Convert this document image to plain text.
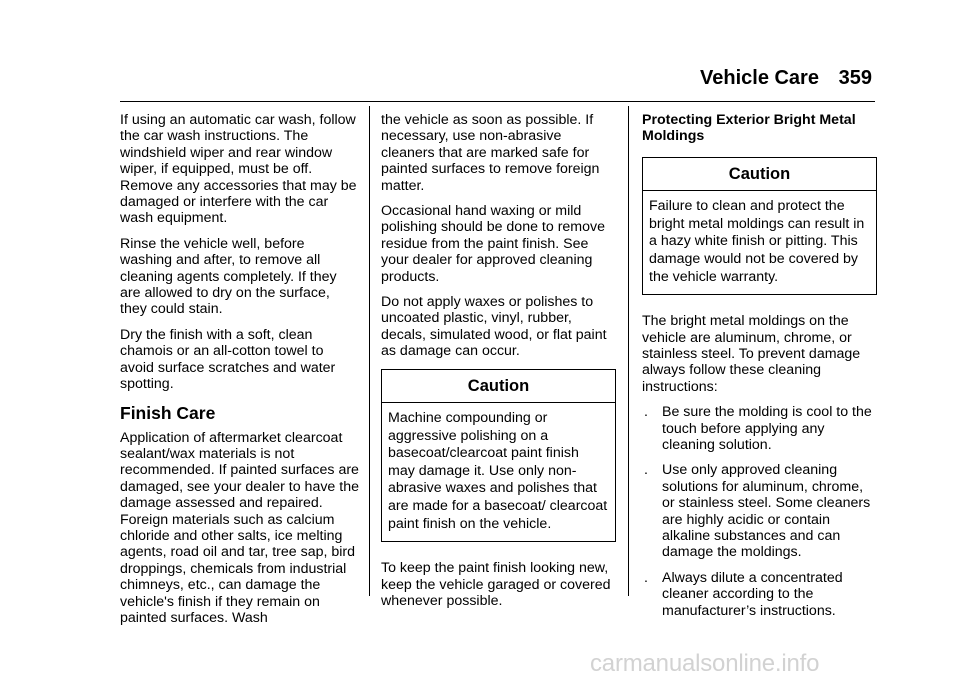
Vehicle Care 359

If using an automatic car wash, follow the car wash instructions. The windshield wiper and rear window wiper, if equipped, must be off. Remove any accessories that may be damaged or interfere with the car wash equipment.

Rinse the vehicle well, before washing and after, to remove all cleaning agents completely. If they are allowed to dry on the surface, they could stain.

Dry the finish with a soft, clean chamois or an all-cotton towel to avoid surface scratches and water spotting.

Finish Care

Application of aftermarket clearcoat sealant/wax materials is not recommended. If painted surfaces are damaged, see your dealer to have the damage assessed and repaired. Foreign materials such as calcium chloride and other salts, ice melting agents, road oil and tar, tree sap, bird droppings, chemicals from industrial chimneys, etc., can damage the vehicle's finish if they remain on painted surfaces. Wash

the vehicle as soon as possible. If necessary, use non-abrasive cleaners that are marked safe for painted surfaces to remove foreign matter.

Occasional hand waxing or mild polishing should be done to remove residue from the paint finish. See your dealer for approved cleaning products.

Do not apply waxes or polishes to uncoated plastic, vinyl, rubber, decals, simulated wood, or flat paint as damage can occur.

Caution
Machine compounding or aggressive polishing on a basecoat/clearcoat paint finish may damage it. Use only non-abrasive waxes and polishes that are made for a basecoat/ clearcoat paint finish on the vehicle.

To keep the paint finish looking new, keep the vehicle garaged or covered whenever possible.

Protecting Exterior Bright Metal Moldings

Caution
Failure to clean and protect the bright metal moldings can result in a hazy white finish or pitting. This damage would not be covered by the vehicle warranty.

The bright metal moldings on the vehicle are aluminum, chrome, or stainless steel. To prevent damage always follow these cleaning instructions:

. Be sure the molding is cool to the touch before applying any cleaning solution.
. Use only approved cleaning solutions for aluminum, chrome, or stainless steel. Some cleaners are highly acidic or contain alkaline substances and can damage the moldings.
. Always dilute a concentrated cleaner according to the manufacturer’s instructions.
carmanualsonline.info
